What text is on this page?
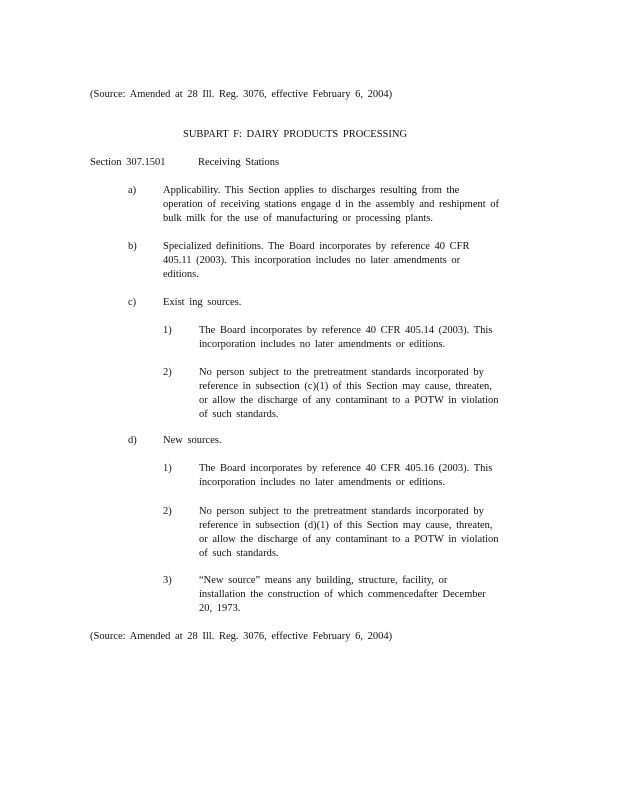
(Source: Amended at 28 Ill. Reg. 3076, effective February 6, 2004)
SUBPART F: DAIRY PRODUCTS PROCESSING
Section 307.1501	Receiving Stations
a)	Applicability. This Section applies to discharges resulting from the

operation of receiving stations engage d in the assembly and reshipment of

bulk milk for the use of manufacturing or processing plants.

b)	Specialized definitions. The Board incorporates by reference 40 CFR

405.11 (2003). This incorporation includes no later amendments or

editions.

c)	Exist ing sources.

1)	The Board incorporates by reference 40 CFR 405.14 (2003). This

incorporation includes no later amendments or editions.

2)	No person subject to the pretreatment standards incorporated by

reference in subsection (c)(1) of this Section may cause, threaten,

or allow the discharge of any contaminant to a POTW in violation

of such standards.

d)	New sources.

1)	The Board incorporates by reference 40 CFR 405.16 (2003). This

incorporation includes no later amendments or editions.

2)	No person subject to the pretreatment standards incorporated by

reference in subsection (d)(1) of this Section may cause, threaten,

or allow the discharge of any contaminant to a POTW in violation

of such standards.

3)	“New source” means any building, structure, facility, or

installation the construction of which commencedafter December

20, 1973.

(Source: Amended at 28 Ill. Reg. 3076, effective February 6, 2004)
